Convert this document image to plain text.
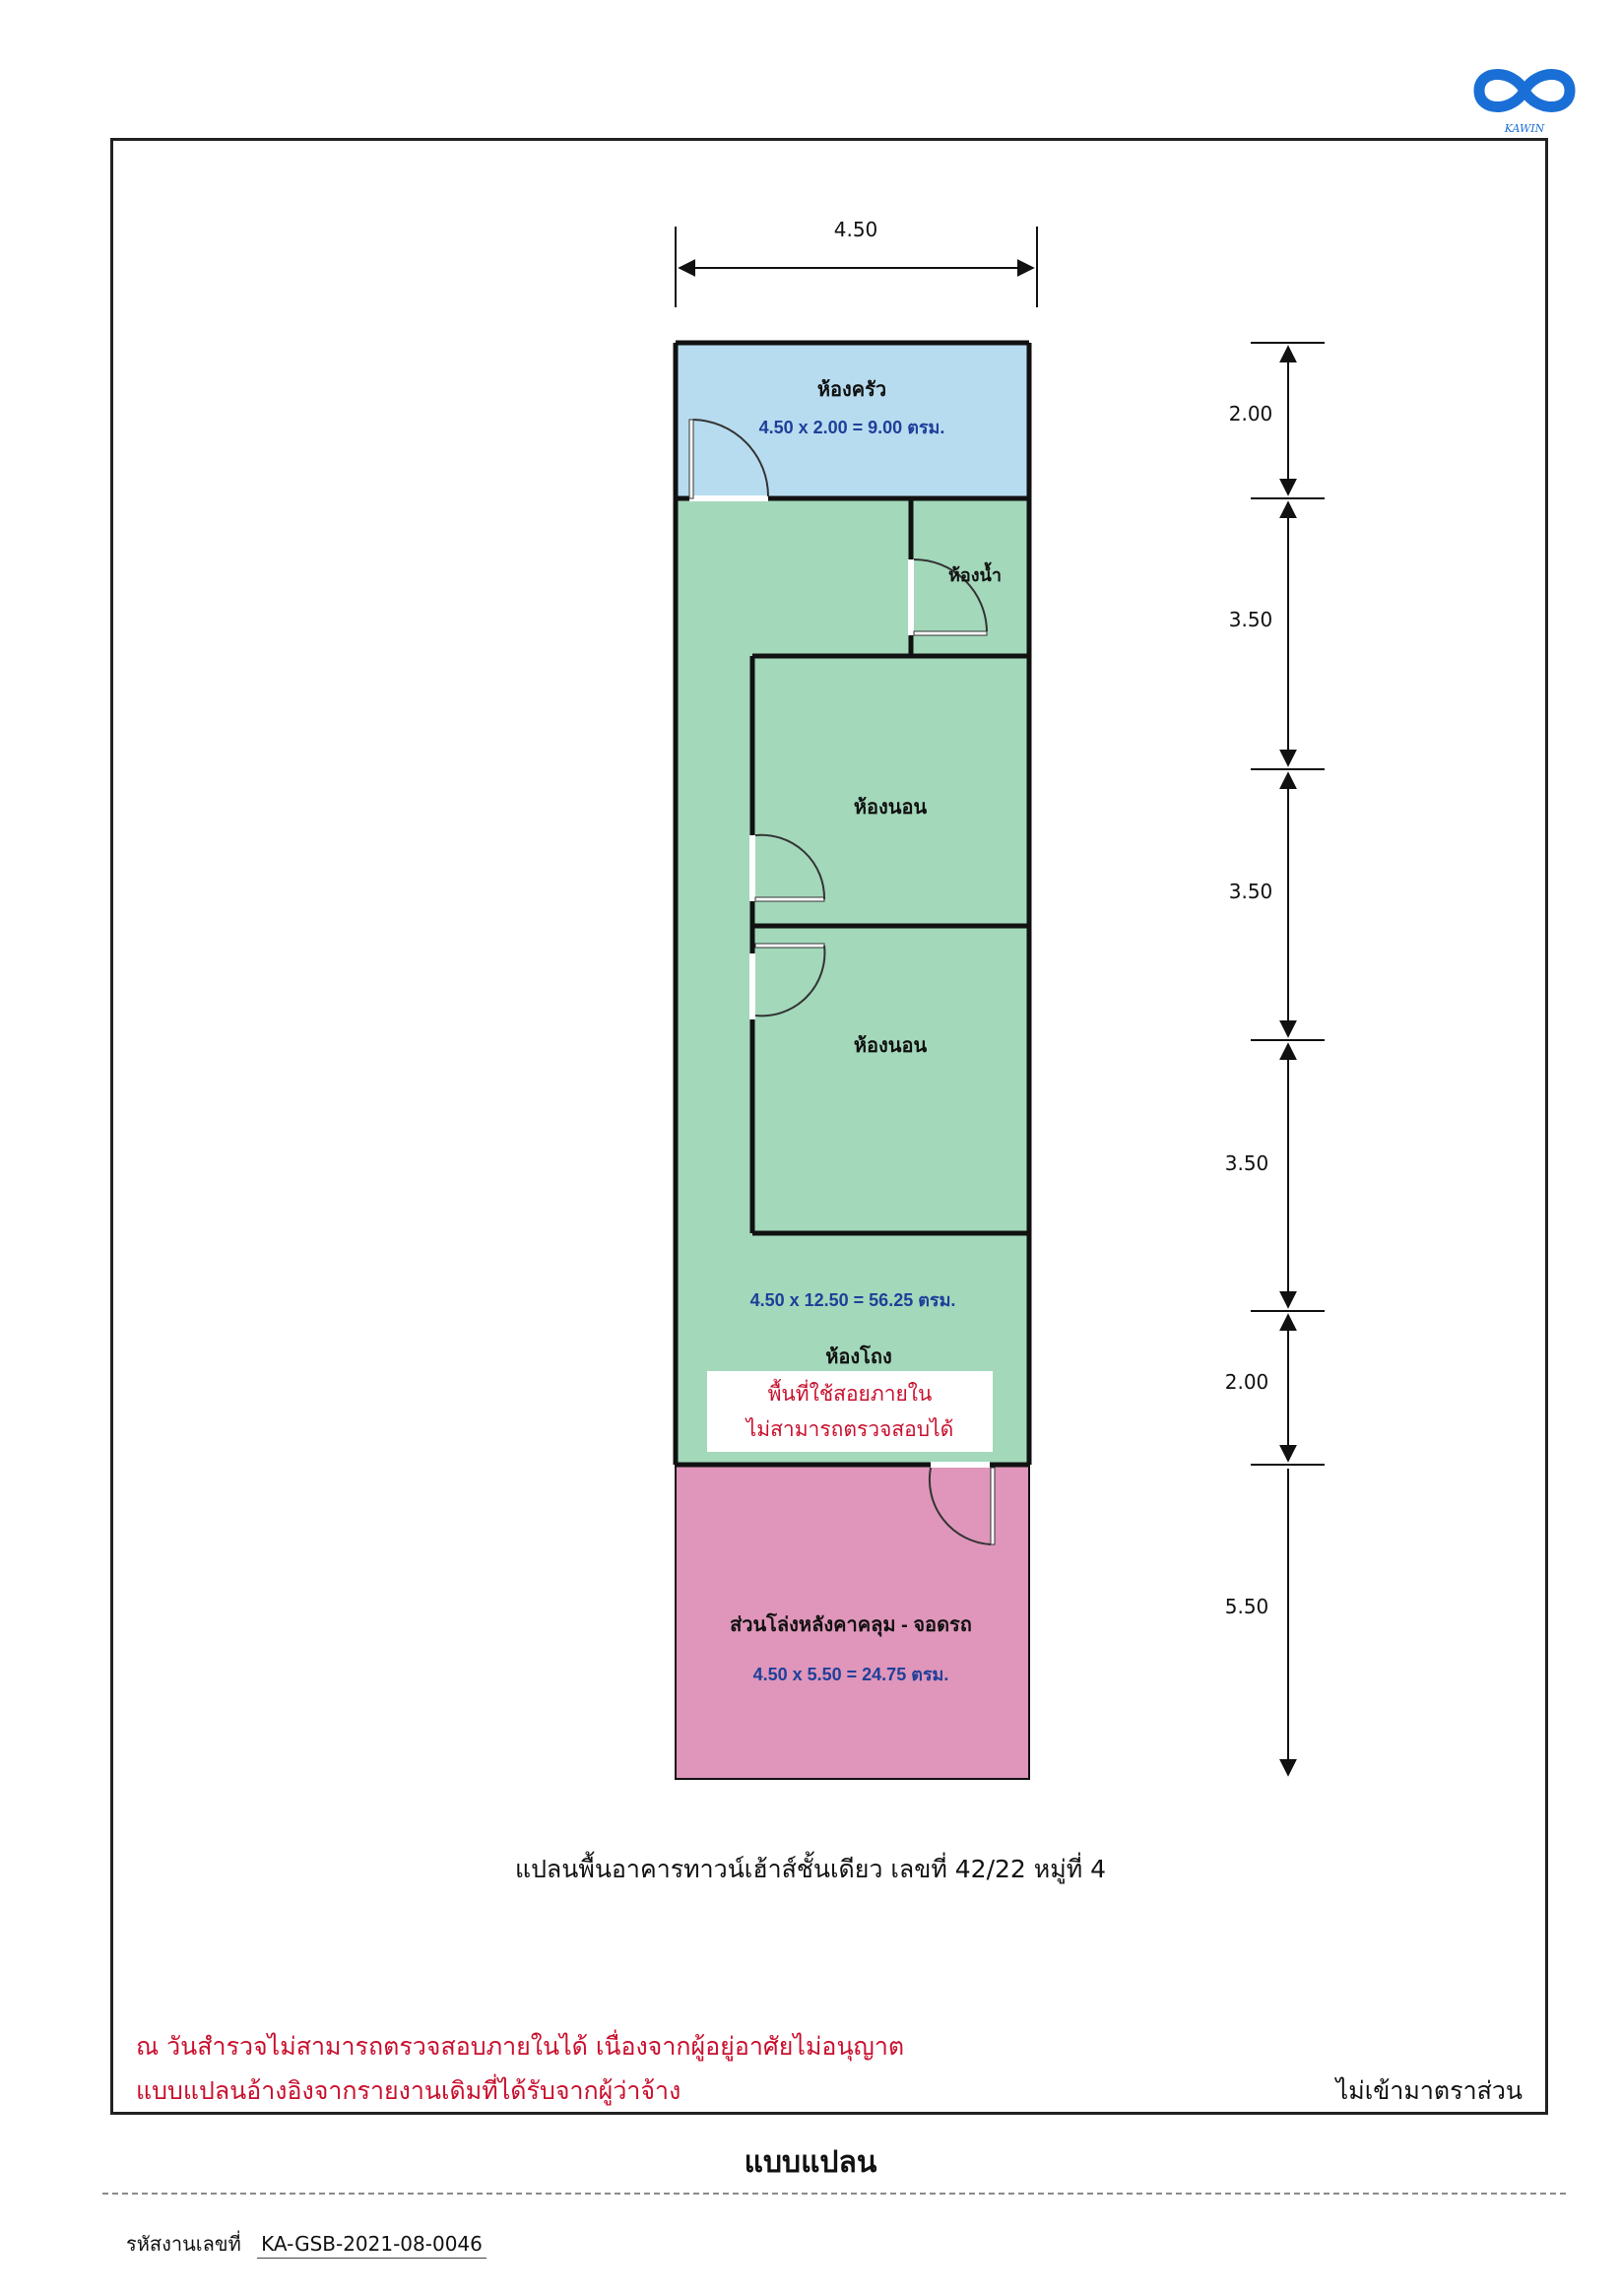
KAWIN
4.50
ห้องครัว
4.50 x 2.00 = 9.00 ตรม.
ห้องน้ำ
ห้องนอน
ห้องนอน
4.50 x 12.50 = 56.25 ตรม.
ห้องโถง
ส่วนโล่งหลังคาคลุม - จอดรถ
4.50 x 5.50 = 24.75 ตรม.
พื้นที่ใช้สอยภายใน
ไม่สามารถตรวจสอบได้
2.00
3.50
3.50
3.50
2.00
5.50
แปลนพื้นอาคารทาวน์เฮ้าส์ชั้นเดียว เลขที่ 42/22 หมู่ที่ 4
ณ วันสำรวจไม่สามารถตรวจสอบภายในได้ เนื่องจากผู้อยู่อาศัยไม่อนุญาต
แบบแปลนอ้างอิงจากรายงานเดิมที่ได้รับจากผู้ว่าจ้าง	ไม่เข้ามาตราส่วน
แบบแปลน
รหัสงานเลขที่ KA-GSB-2021-08-0046
